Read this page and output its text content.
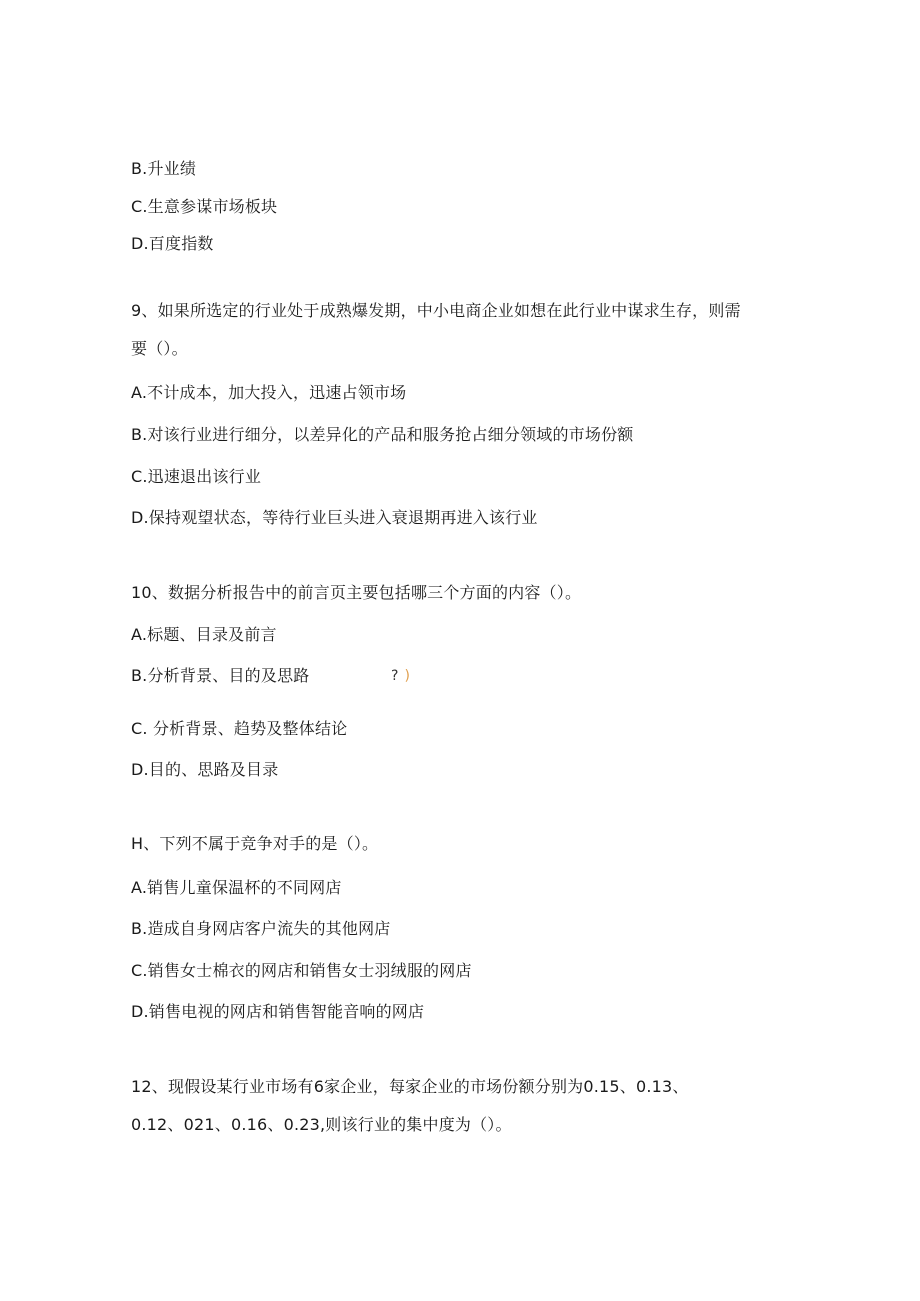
B.升业绩
C.生意参谋市场板块
D.百度指数
9、如果所选定的行业处于成熟爆发期，中小电商企业如想在此行业中谋求生存，则需
要（）。
A.不计成本，加大投入，迅速占领市场
B.对该行业进行细分，以差异化的产品和服务抢占细分领域的市场份额
C.迅速退出该行业
D.保持观望状态，等待行业巨头进入衰退期再进入该行业
10、数据分析报告中的前言页主要包括哪三个方面的内容（）。
A.标题、目录及前言
B.分析背景、目的及思路	? )
C. 分析背景、趋势及整体结论
D.目的、思路及目录
H、下列不属于竞争对手的是（）。
A.销售儿童保温杯的不同网店
B.造成自身网店客户流失的其他网店
C.销售女士棉衣的网店和销售女士羽绒服的网店
D.销售电视的网店和销售智能音响的网店
12、现假设某行业市场有6家企业，每家企业的市场份额分别为0.15、0.13、
0.12、021、0.16、0.23,则该行业的集中度为（）。
